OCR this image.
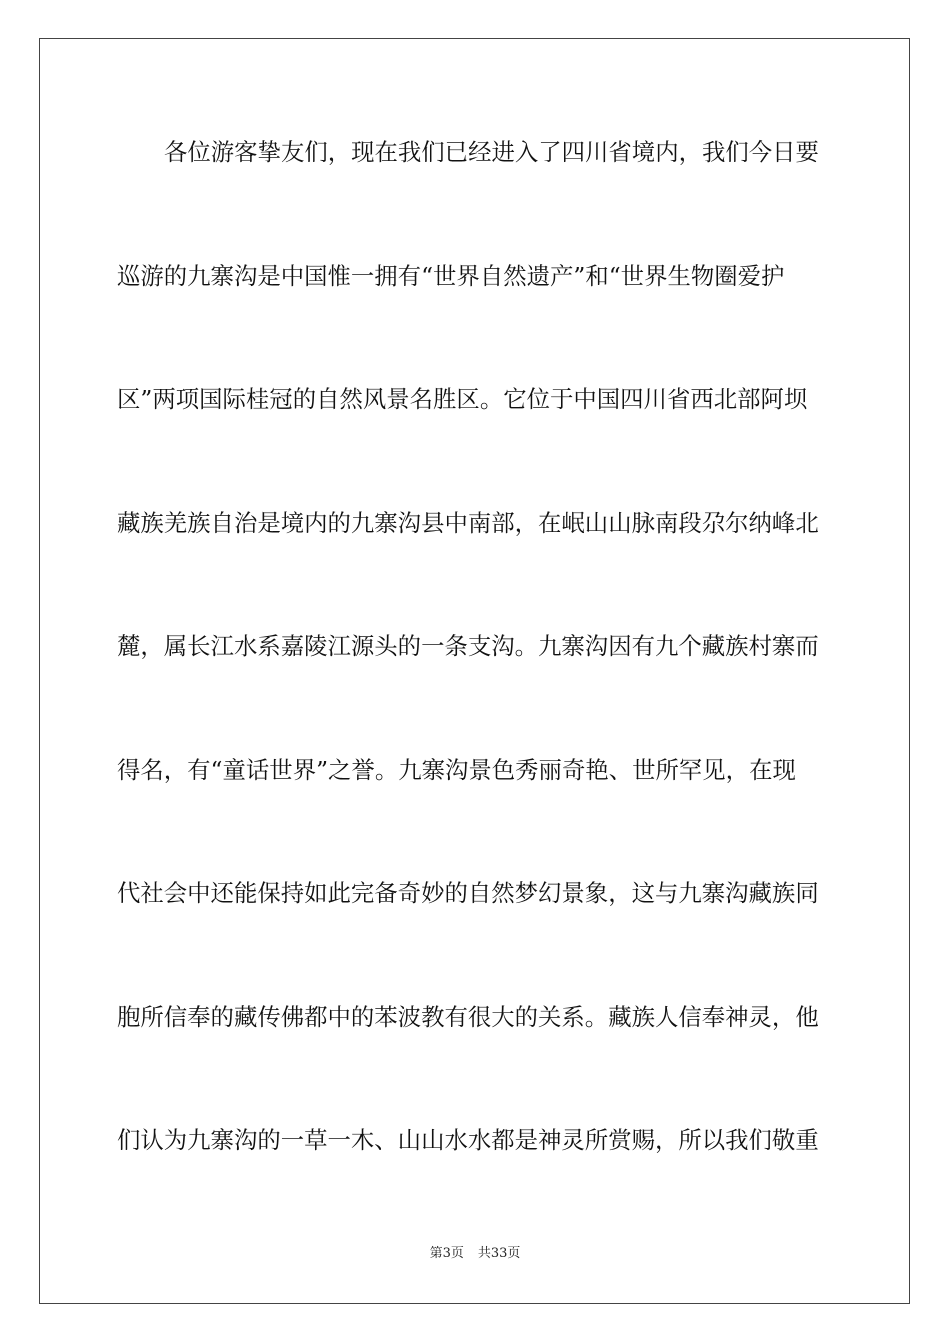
各位游客挚友们，现在我们已经进入了四川省境内，我们今日要
巡游的九寨沟是中国惟一拥有“世界自然遗产”和“世界生物圈爱护
区”两项国际桂冠的自然风景名胜区。它位于中国四川省西北部阿坝
藏族羌族自治是境内的九寨沟县中南部，在岷山山脉南段尕尔纳峰北
麓，属长江水系嘉陵江源头的一条支沟。九寨沟因有九个藏族村寨而
得名，有“童话世界”之誉。九寨沟景色秀丽奇艳、世所罕见，在现
代社会中还能保持如此完备奇妙的自然梦幻景象，这与九寨沟藏族同
胞所信奉的藏传佛都中的苯波教有很大的关系。藏族人信奉神灵，他
们认为九寨沟的一草一木、山山水水都是神灵所赏赐，所以我们敬重
第3页 共33页
